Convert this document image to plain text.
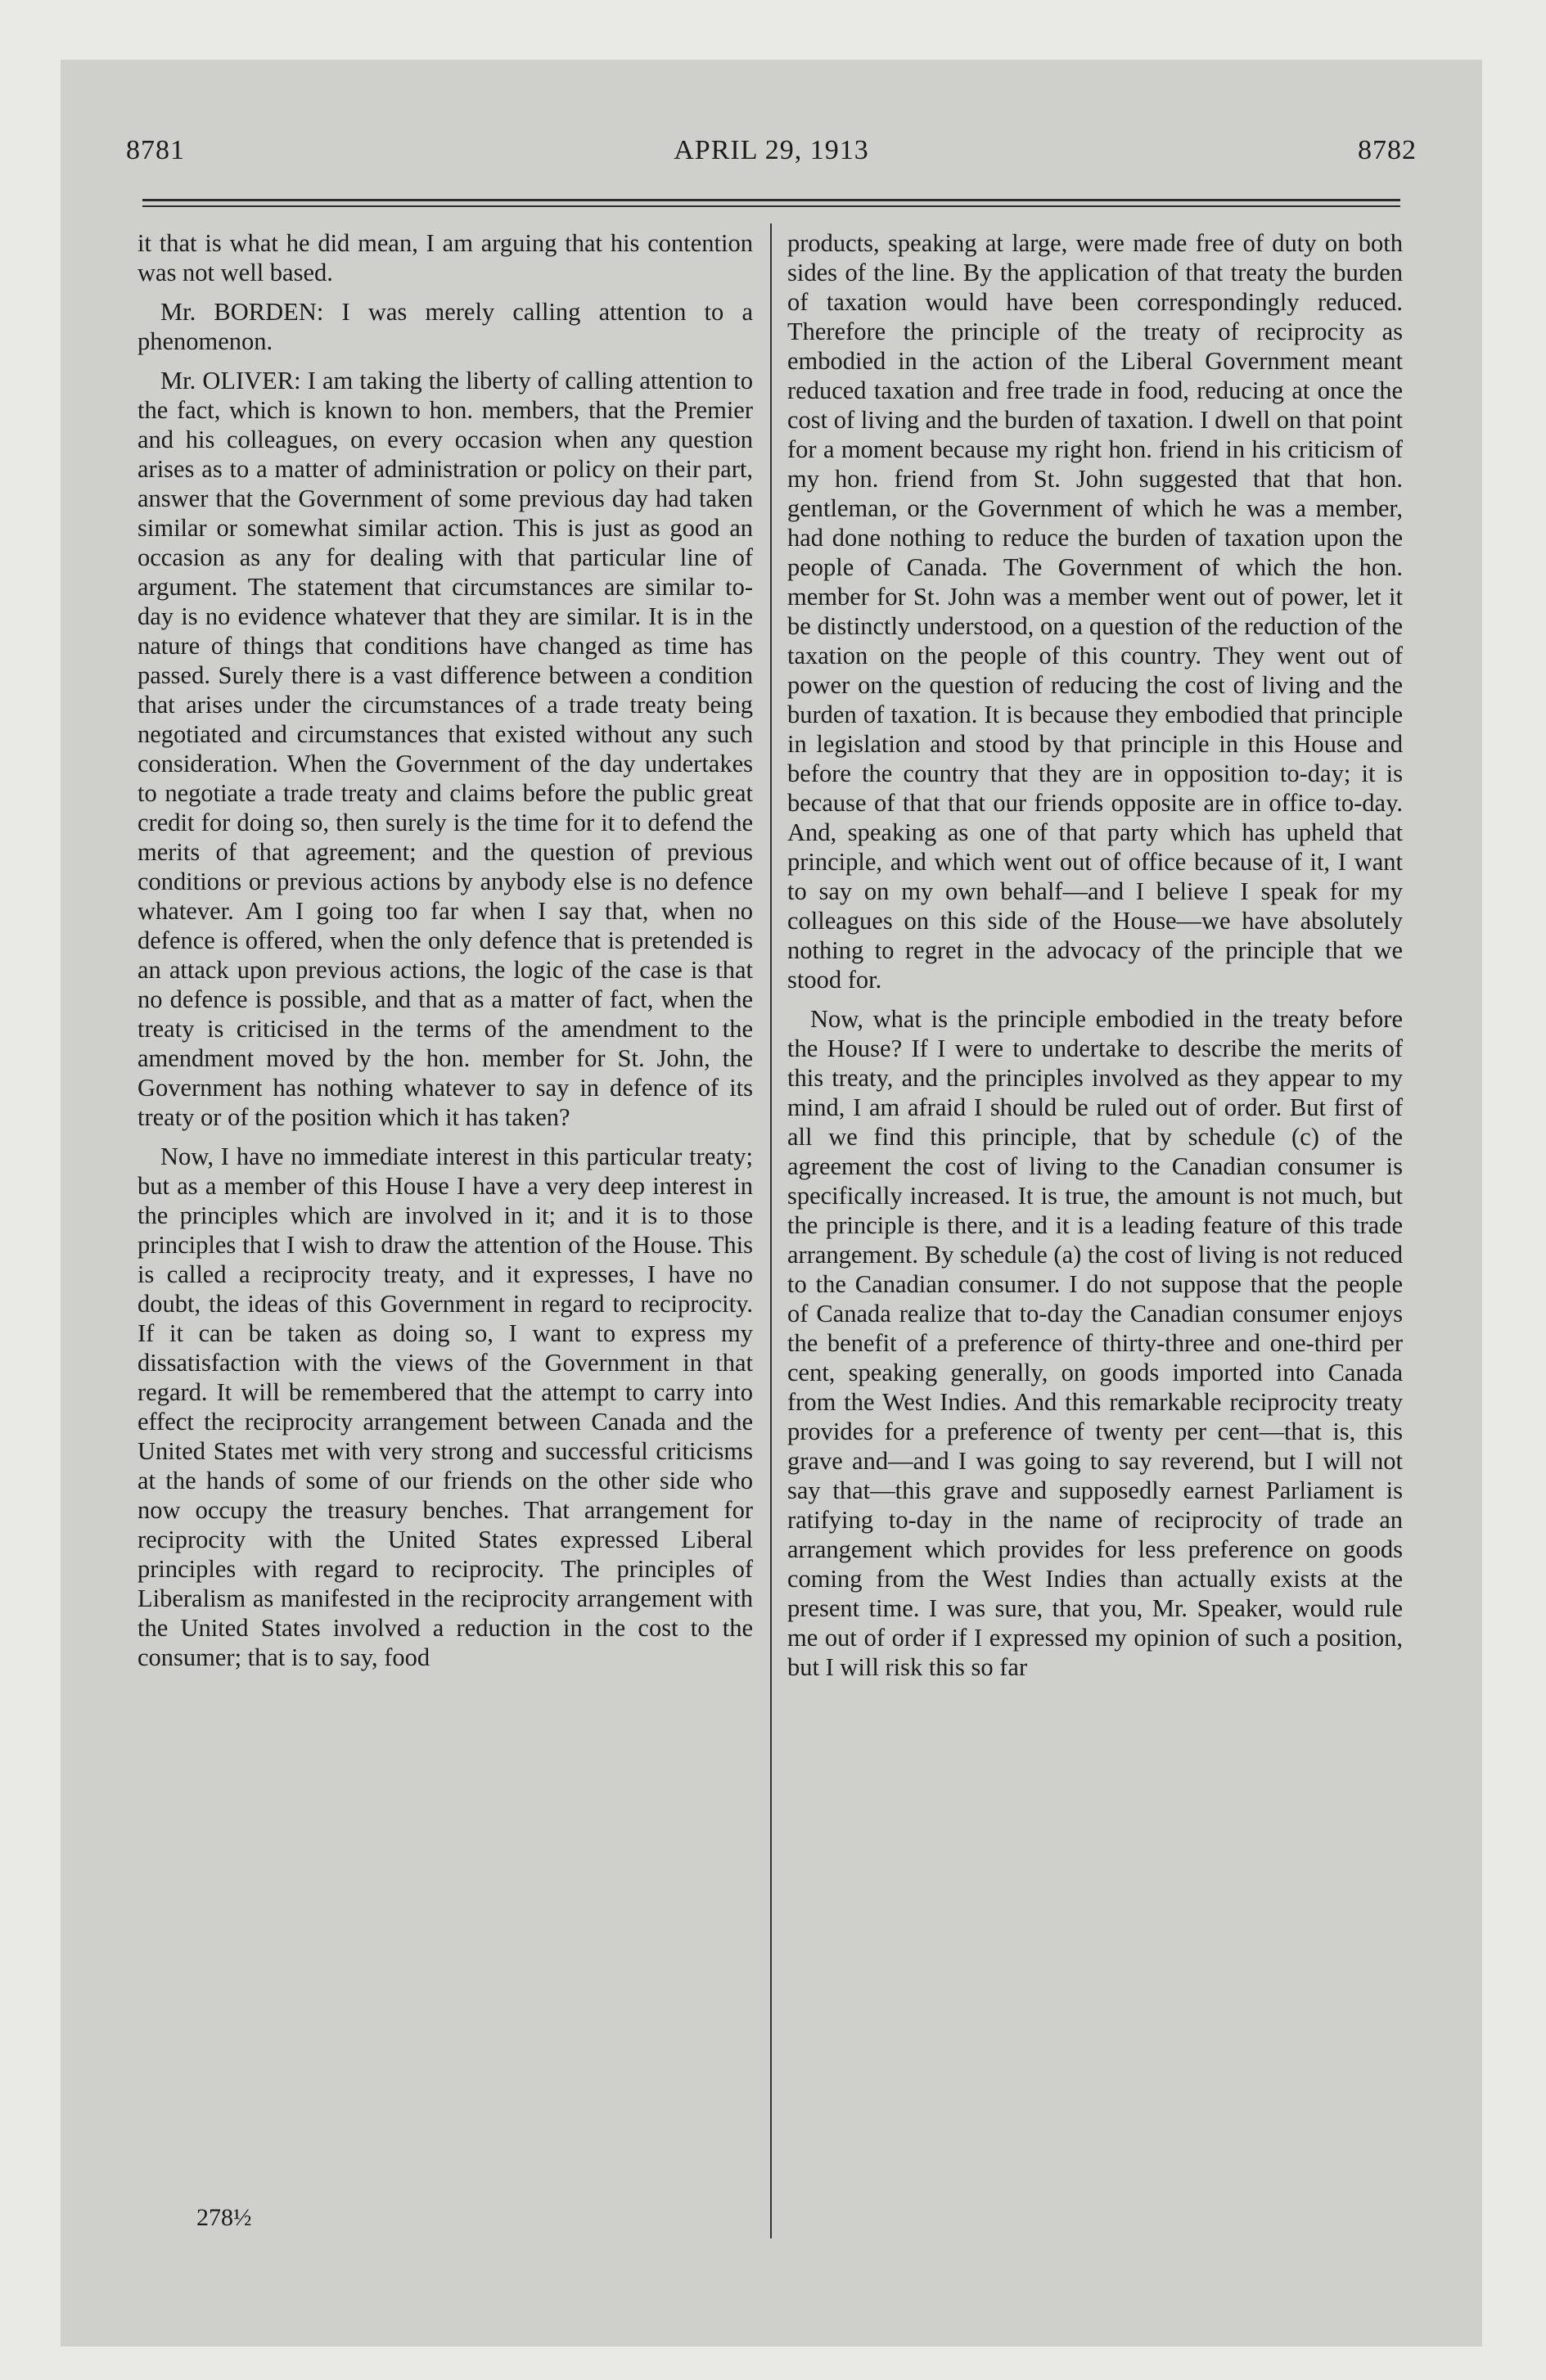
8781	APRIL 29, 1913	8782

it that is what he did mean, I am arguing that his contention was not well based.

Mr. BORDEN: I was merely calling attention to a phenomenon.

Mr. OLIVER: I am taking the liberty of calling attention to the fact, which is known to hon. members, that the Premier and his colleagues, on every occasion when any question arises as to a matter of administration or policy on their part, answer that the Government of some previous day had taken similar or somewhat similar action. This is just as good an occasion as any for dealing with that particular line of argument. The statement that circumstances are similar to-day is no evidence whatever that they are similar. It is in the nature of things that conditions have changed as time has passed. Surely there is a vast difference between a condition that arises under the circumstances of a trade treaty being negotiated and circumstances that existed without any such consideration. When the Government of the day undertakes to negotiate a trade treaty and claims before the public great credit for doing so, then surely is the time for it to defend the merits of that agreement; and the question of previous conditions or previous actions by anybody else is no defence whatever. Am I going too far when I say that, when no defence is offered, when the only defence that is pretended is an attack upon previous actions, the logic of the case is that no defence is possible, and that as a matter of fact, when the treaty is criticised in the terms of the amendment to the amendment moved by the hon. member for St. John, the Government has nothing whatever to say in defence of its treaty or of the position which it has taken?

Now, I have no immediate interest in this particular treaty; but as a member of this House I have a very deep interest in the principles which are involved in it; and it is to those principles that I wish to draw the attention of the House. This is called a reciprocity treaty, and it expresses, I have no doubt, the ideas of this Government in regard to reciprocity. If it can be taken as doing so, I want to express my dissatisfaction with the views of the Government in that regard. It will be remembered that the attempt to carry into effect the reciprocity arrangement between Canada and the United States met with very strong and successful criticisms at the hands of some of our friends on the other side who now occupy the treasury benches. That arrangement for reciprocity with the United States expressed Liberal principles with regard to reciprocity. The principles of Liberalism as manifested in the reciprocity arrangement with the United States involved a reduction in the cost to the consumer; that is to say, food

products, speaking at large, were made free of duty on both sides of the line. By the application of that treaty the burden of taxation would have been correspondingly reduced. Therefore the principle of the treaty of reciprocity as embodied in the action of the Liberal Government meant reduced taxation and free trade in food, reducing at once the cost of living and the burden of taxation. I dwell on that point for a moment because my right hon. friend in his criticism of my hon. friend from St. John suggested that that hon. gentleman, or the Government of which he was a member, had done nothing to reduce the burden of taxation upon the people of Canada. The Government of which the hon. member for St. John was a member went out of power, let it be distinctly understood, on a question of the reduction of the taxation on the people of this country. They went out of power on the question of reducing the cost of living and the burden of taxation. It is because they embodied that principle in legislation and stood by that principle in this House and before the country that they are in opposition to-day; it is because of that that our friends opposite are in office to-day. And, speaking as one of that party which has upheld that principle, and which went out of office because of it, I want to say on my own behalf—and I believe I speak for my colleagues on this side of the House—we have absolutely nothing to regret in the advocacy of the principle that we stood for.

Now, what is the principle embodied in the treaty before the House? If I were to undertake to describe the merits of this treaty, and the principles involved as they appear to my mind, I am afraid I should be ruled out of order. But first of all we find this principle, that by schedule (c) of the agreement the cost of living to the Canadian consumer is specifically increased. It is true, the amount is not much, but the principle is there, and it is a leading feature of this trade arrangement. By schedule (a) the cost of living is not reduced to the Canadian consumer. I do not suppose that the people of Canada realize that to-day the Canadian consumer enjoys the benefit of a preference of thirty-three and one-third per cent, speaking generally, on goods imported into Canada from the West Indies. And this remarkable reciprocity treaty provides for a preference of twenty per cent—that is, this grave and—and I was going to say reverend, but I will not say that—this grave and supposedly earnest Parliament is ratifying to-day in the name of reciprocity of trade an arrangement which provides for less preference on goods coming from the West Indies than actually exists at the present time. I was sure, that you, Mr. Speaker, would rule me out of order if I expressed my opinion of such a position, but I will risk this so far

278½
